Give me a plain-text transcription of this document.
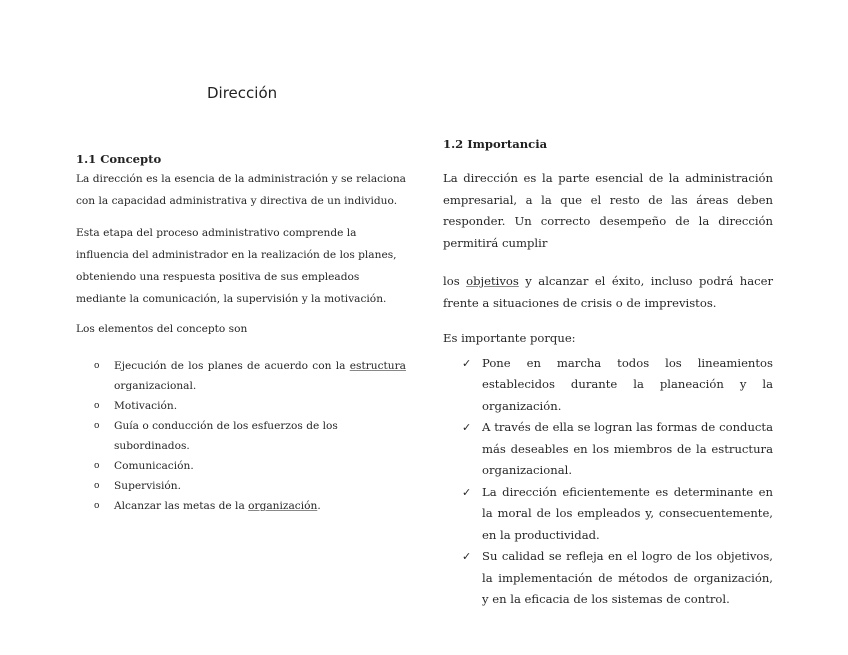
Dirección
1.1 Concepto

La dirección es la esencia de la administración y se relaciona con la capacidad administrativa y directiva de un individuo.

Esta etapa del proceso administrativo comprende la influencia del administrador en la realización de los planes, obteniendo una respuesta positiva de sus empleados mediante la comunicación, la supervisión y la motivación.

Los elementos del concepto son

o Ejecución de los planes de acuerdo con la estructura organizacional.
o Motivación.
o Guía o conducción de los esfuerzos de los subordinados.
o Comunicación.
o Supervisión.
o Alcanzar las metas de la organización.
1.2 Importancia

La dirección es la parte esencial de la administración empresarial, a la que el resto de las áreas deben responder. Un correcto desempeño de la dirección permitirá cumplir

los objetivos y alcanzar el éxito, incluso podrá hacer frente a situaciones de crisis o de imprevistos.

Es importante porque:

✓ Pone en marcha todos los lineamientos establecidos durante la planeación y la organización.
✓ A través de ella se logran las formas de conducta más deseables en los miembros de la estructura organizacional.
✓ La dirección eficientemente es determinante en la moral de los empleados y, consecuentemente, en la productividad.
✓ Su calidad se refleja en el logro de los objetivos, la implementación de métodos de organización, y en la eficacia de los sistemas de control.
